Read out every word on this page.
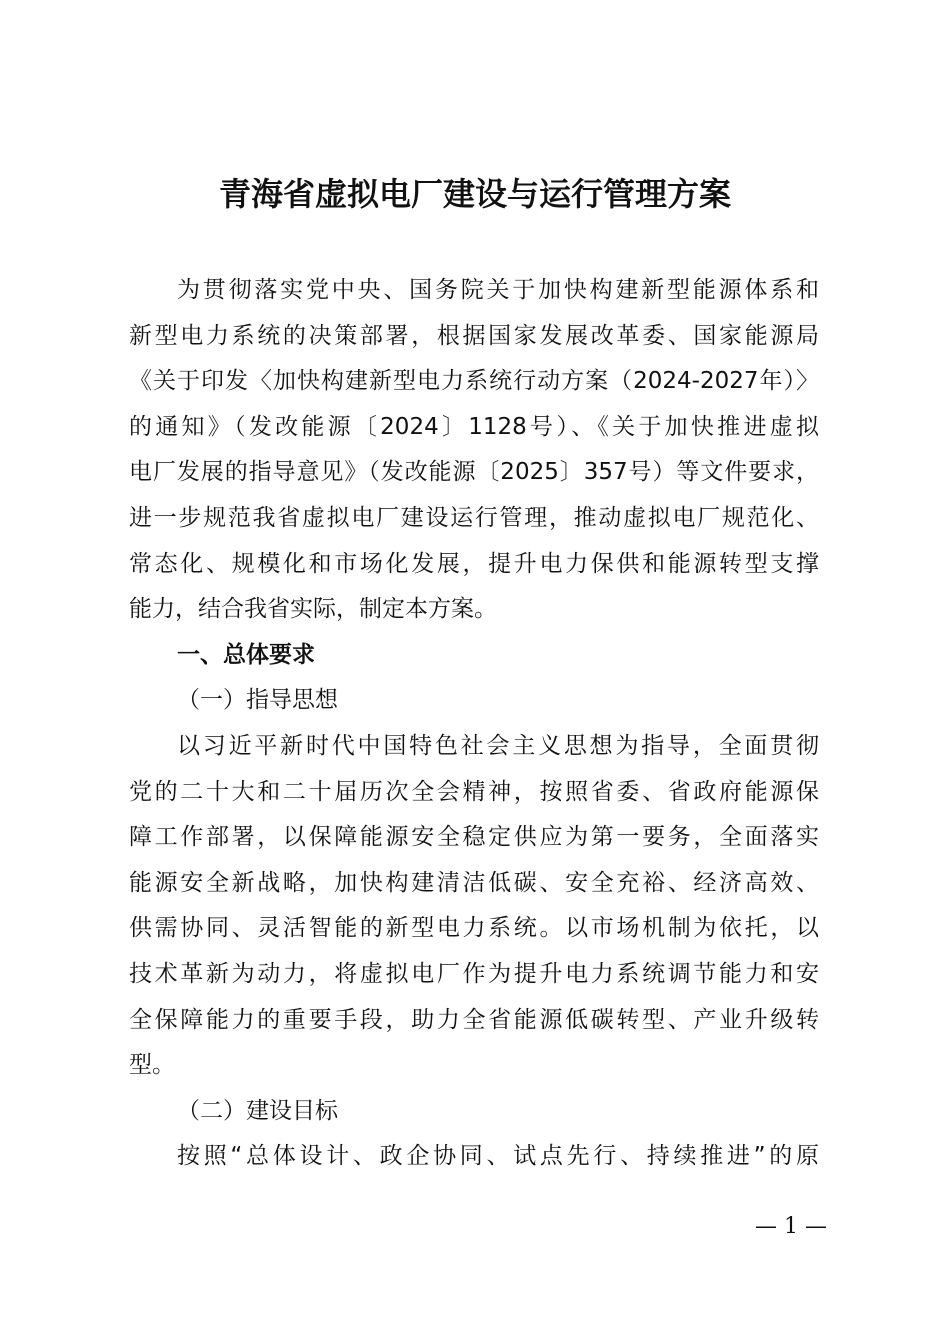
青海省虚拟电厂建设与运行管理方案
为贯彻落实党中央、国务院关于加快构建新型能源体系和
新型电力系统的决策部署，根据国家发展改革委、国家能源局
《关于印发〈加快构建新型电力系统行动方案（2024-2027年）〉
的通知》（发改能源〔2024〕1128号）、《关于加快推进虚拟
电厂发展的指导意见》（发改能源〔2025〕357号）等文件要求，
进一步规范我省虚拟电厂建设运行管理，推动虚拟电厂规范化、
常态化、规模化和市场化发展，提升电力保供和能源转型支撑
能力，结合我省实际，制定本方案。
一、总体要求
（一）指导思想
以习近平新时代中国特色社会主义思想为指导，全面贯彻
党的二十大和二十届历次全会精神，按照省委、省政府能源保
障工作部署，以保障能源安全稳定供应为第一要务，全面落实
能源安全新战略，加快构建清洁低碳、安全充裕、经济高效、
供需协同、灵活智能的新型电力系统。以市场机制为依托，以
技术革新为动力，将虚拟电厂作为提升电力系统调节能力和安
全保障能力的重要手段，助力全省能源低碳转型、产业升级转
型。
（二）建设目标
按照“总体设计、政企协同、试点先行、持续推进”的原
— 1 —
